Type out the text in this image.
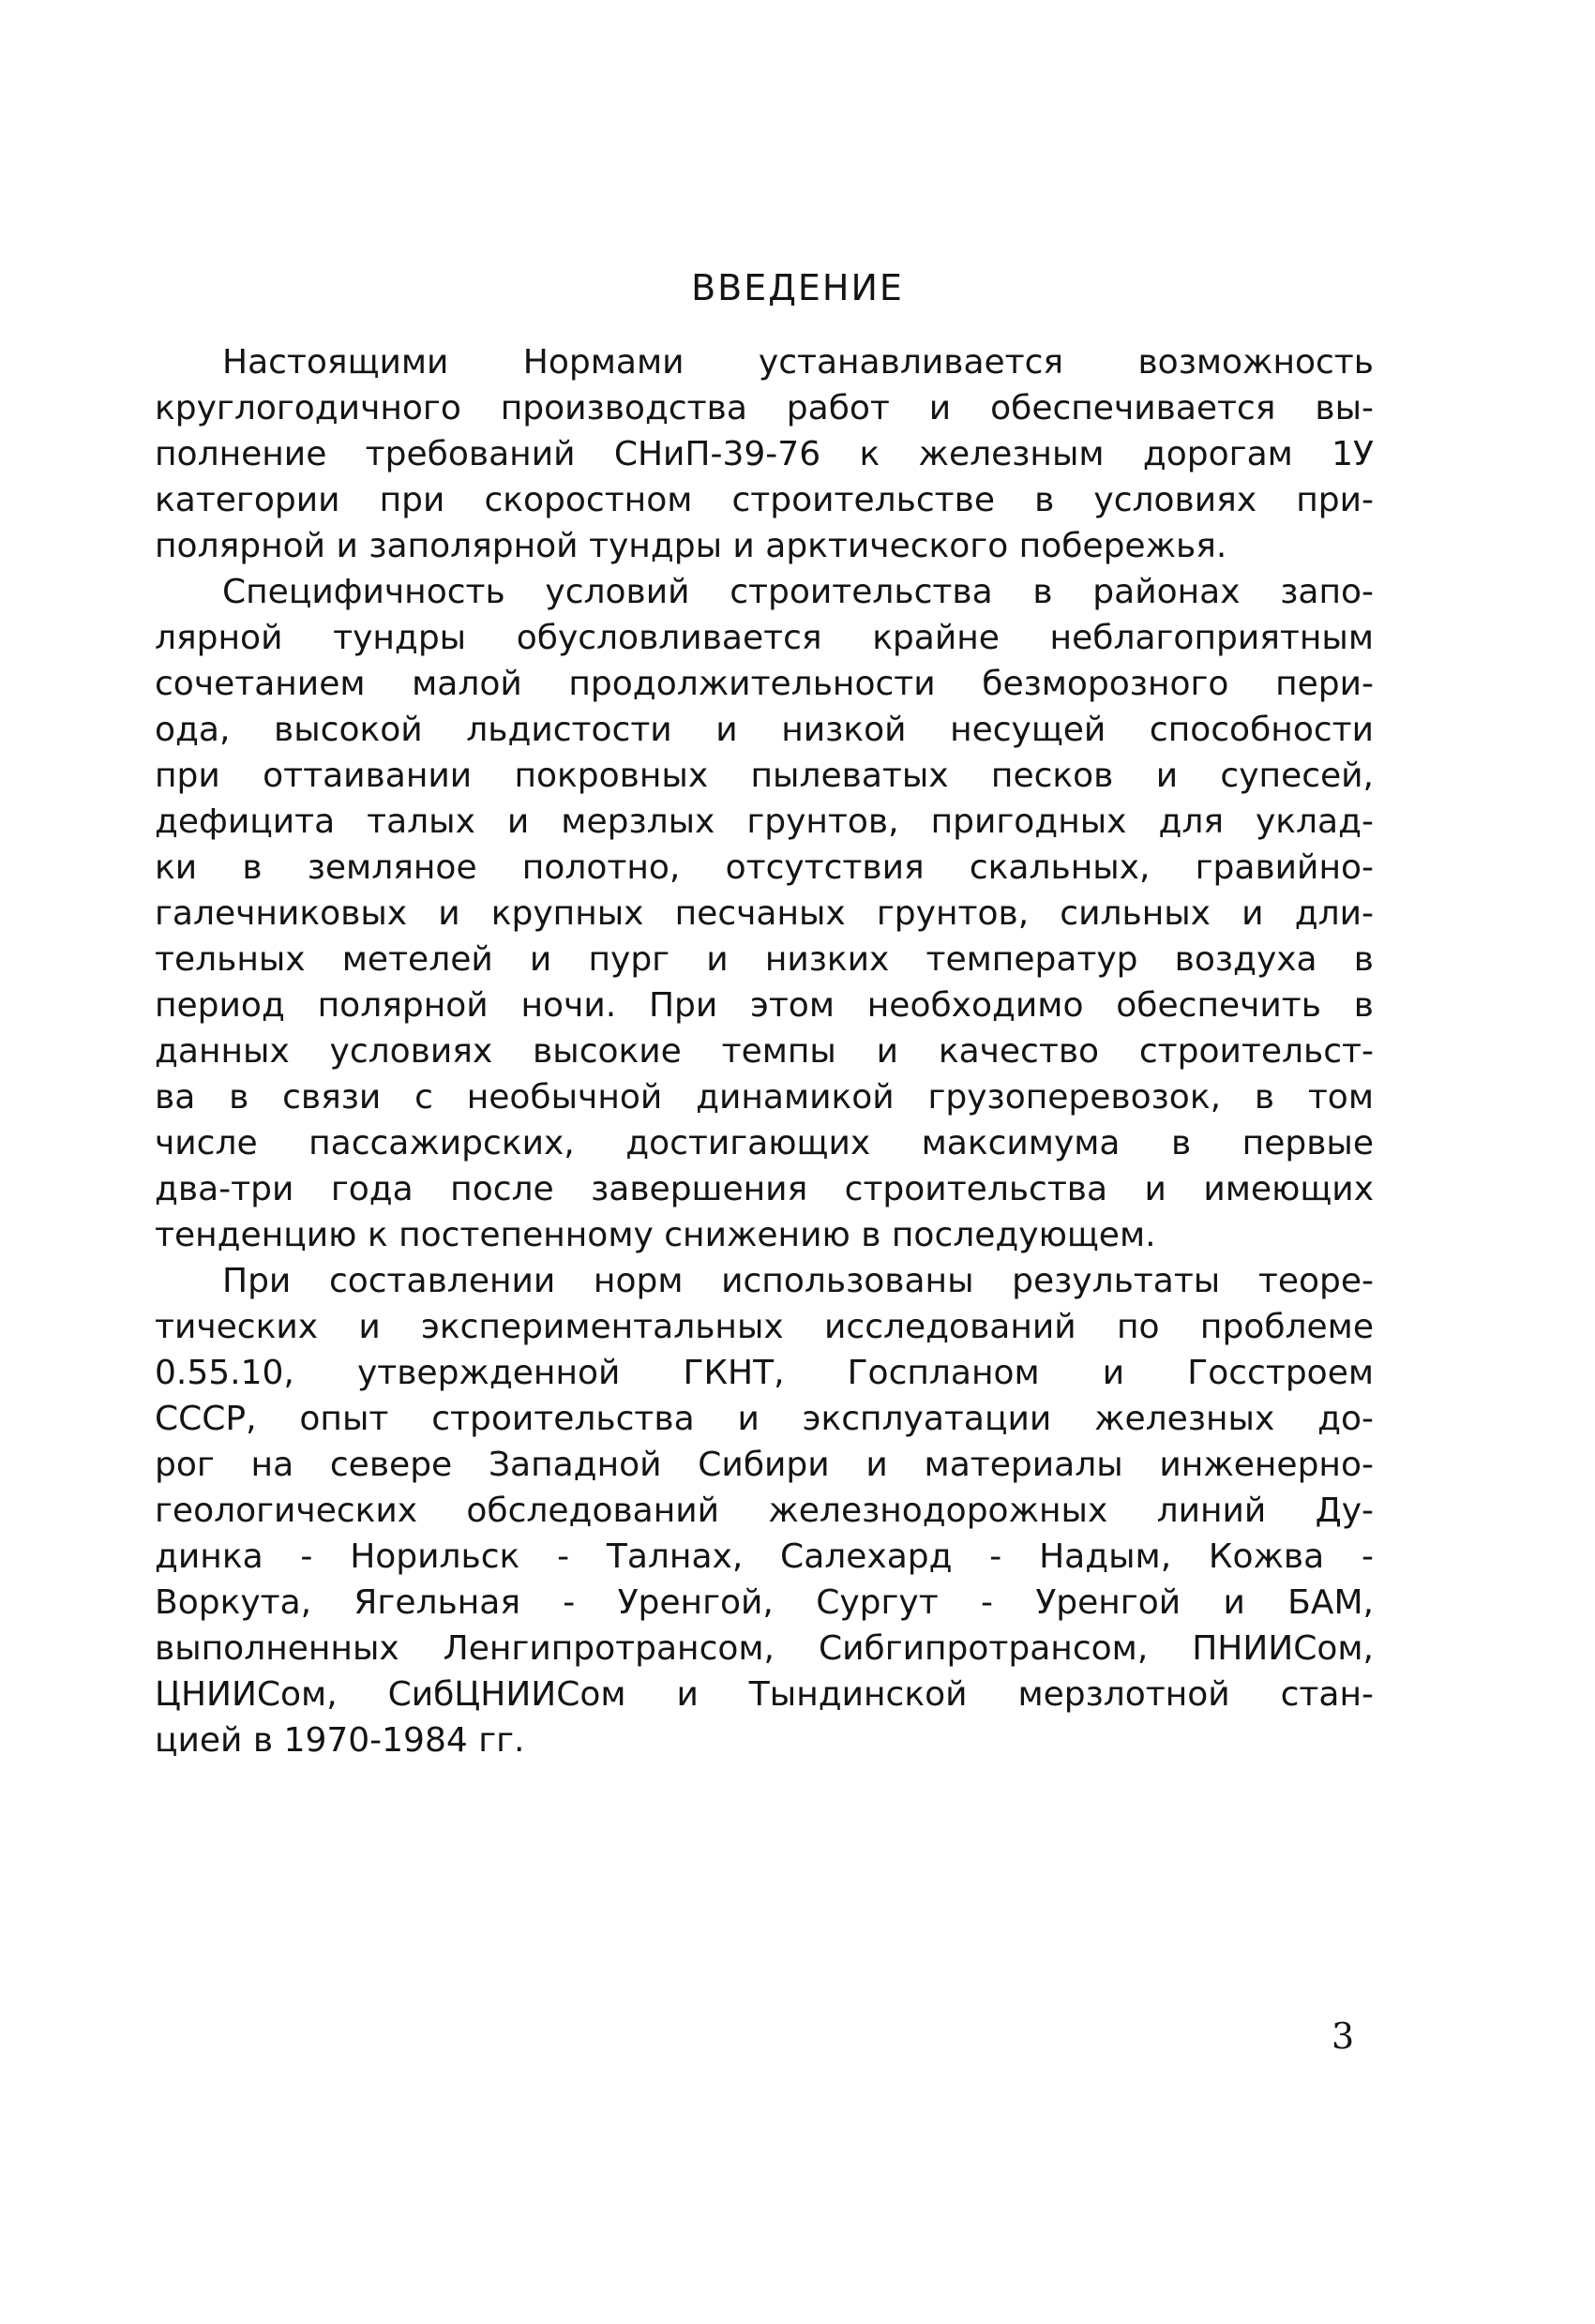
ВВЕДЕНИЕ
Настоящими Нормами устанавливается возможность
круглогодичного производства работ и обеспечивается вы-
полнение требований СНиП-39-76 к железным дорогам 1У
категории при скоростном строительстве в условиях при-
полярной и заполярной тундры и арктического побережья.
Специфичность условий строительства в районах запо-
лярной тундры обусловливается крайне неблагоприятным
сочетанием малой продолжительности безморозного пери-
ода, высокой льдистости и низкой несущей способности
при оттаивании покровных пылеватых песков и супесей,
дефицита талых и мерзлых грунтов, пригодных для уклад-
ки в земляное полотно, отсутствия скальных, гравийно-
галечниковых и крупных песчаных грунтов, сильных и дли-
тельных метелей и пург и низких температур воздуха в
период полярной ночи. При этом необходимо обеспечить в
данных условиях высокие темпы и качество строительст-
ва в связи с необычной динамикой грузоперевозок, в том
числе пассажирских, достигающих максимума в первые
два-три года после завершения строительства и имеющих
тенденцию к постепенному снижению в последующем.
При составлении норм использованы результаты теоре-
тических и экспериментальных исследований по проблеме
0.55.10, утвержденной ГКНТ, Госпланом и Госстроем
СССР, опыт строительства и эксплуатации железных до-
рог на севере Западной Сибири и материалы инженерно-
геологических обследований железнодорожных линий Ду-
динка - Норильск - Талнах, Салехард - Надым, Кожва -
Воркута, Ягельная - Уренгой, Сургут - Уренгой и БАМ,
выполненных Ленгипротрансом, Сибгипротрансом, ПНИИСом,
ЦНИИСом, СибЦНИИСом и Тындинской мерзлотной стан-
цией в 1970-1984 гг.
3
